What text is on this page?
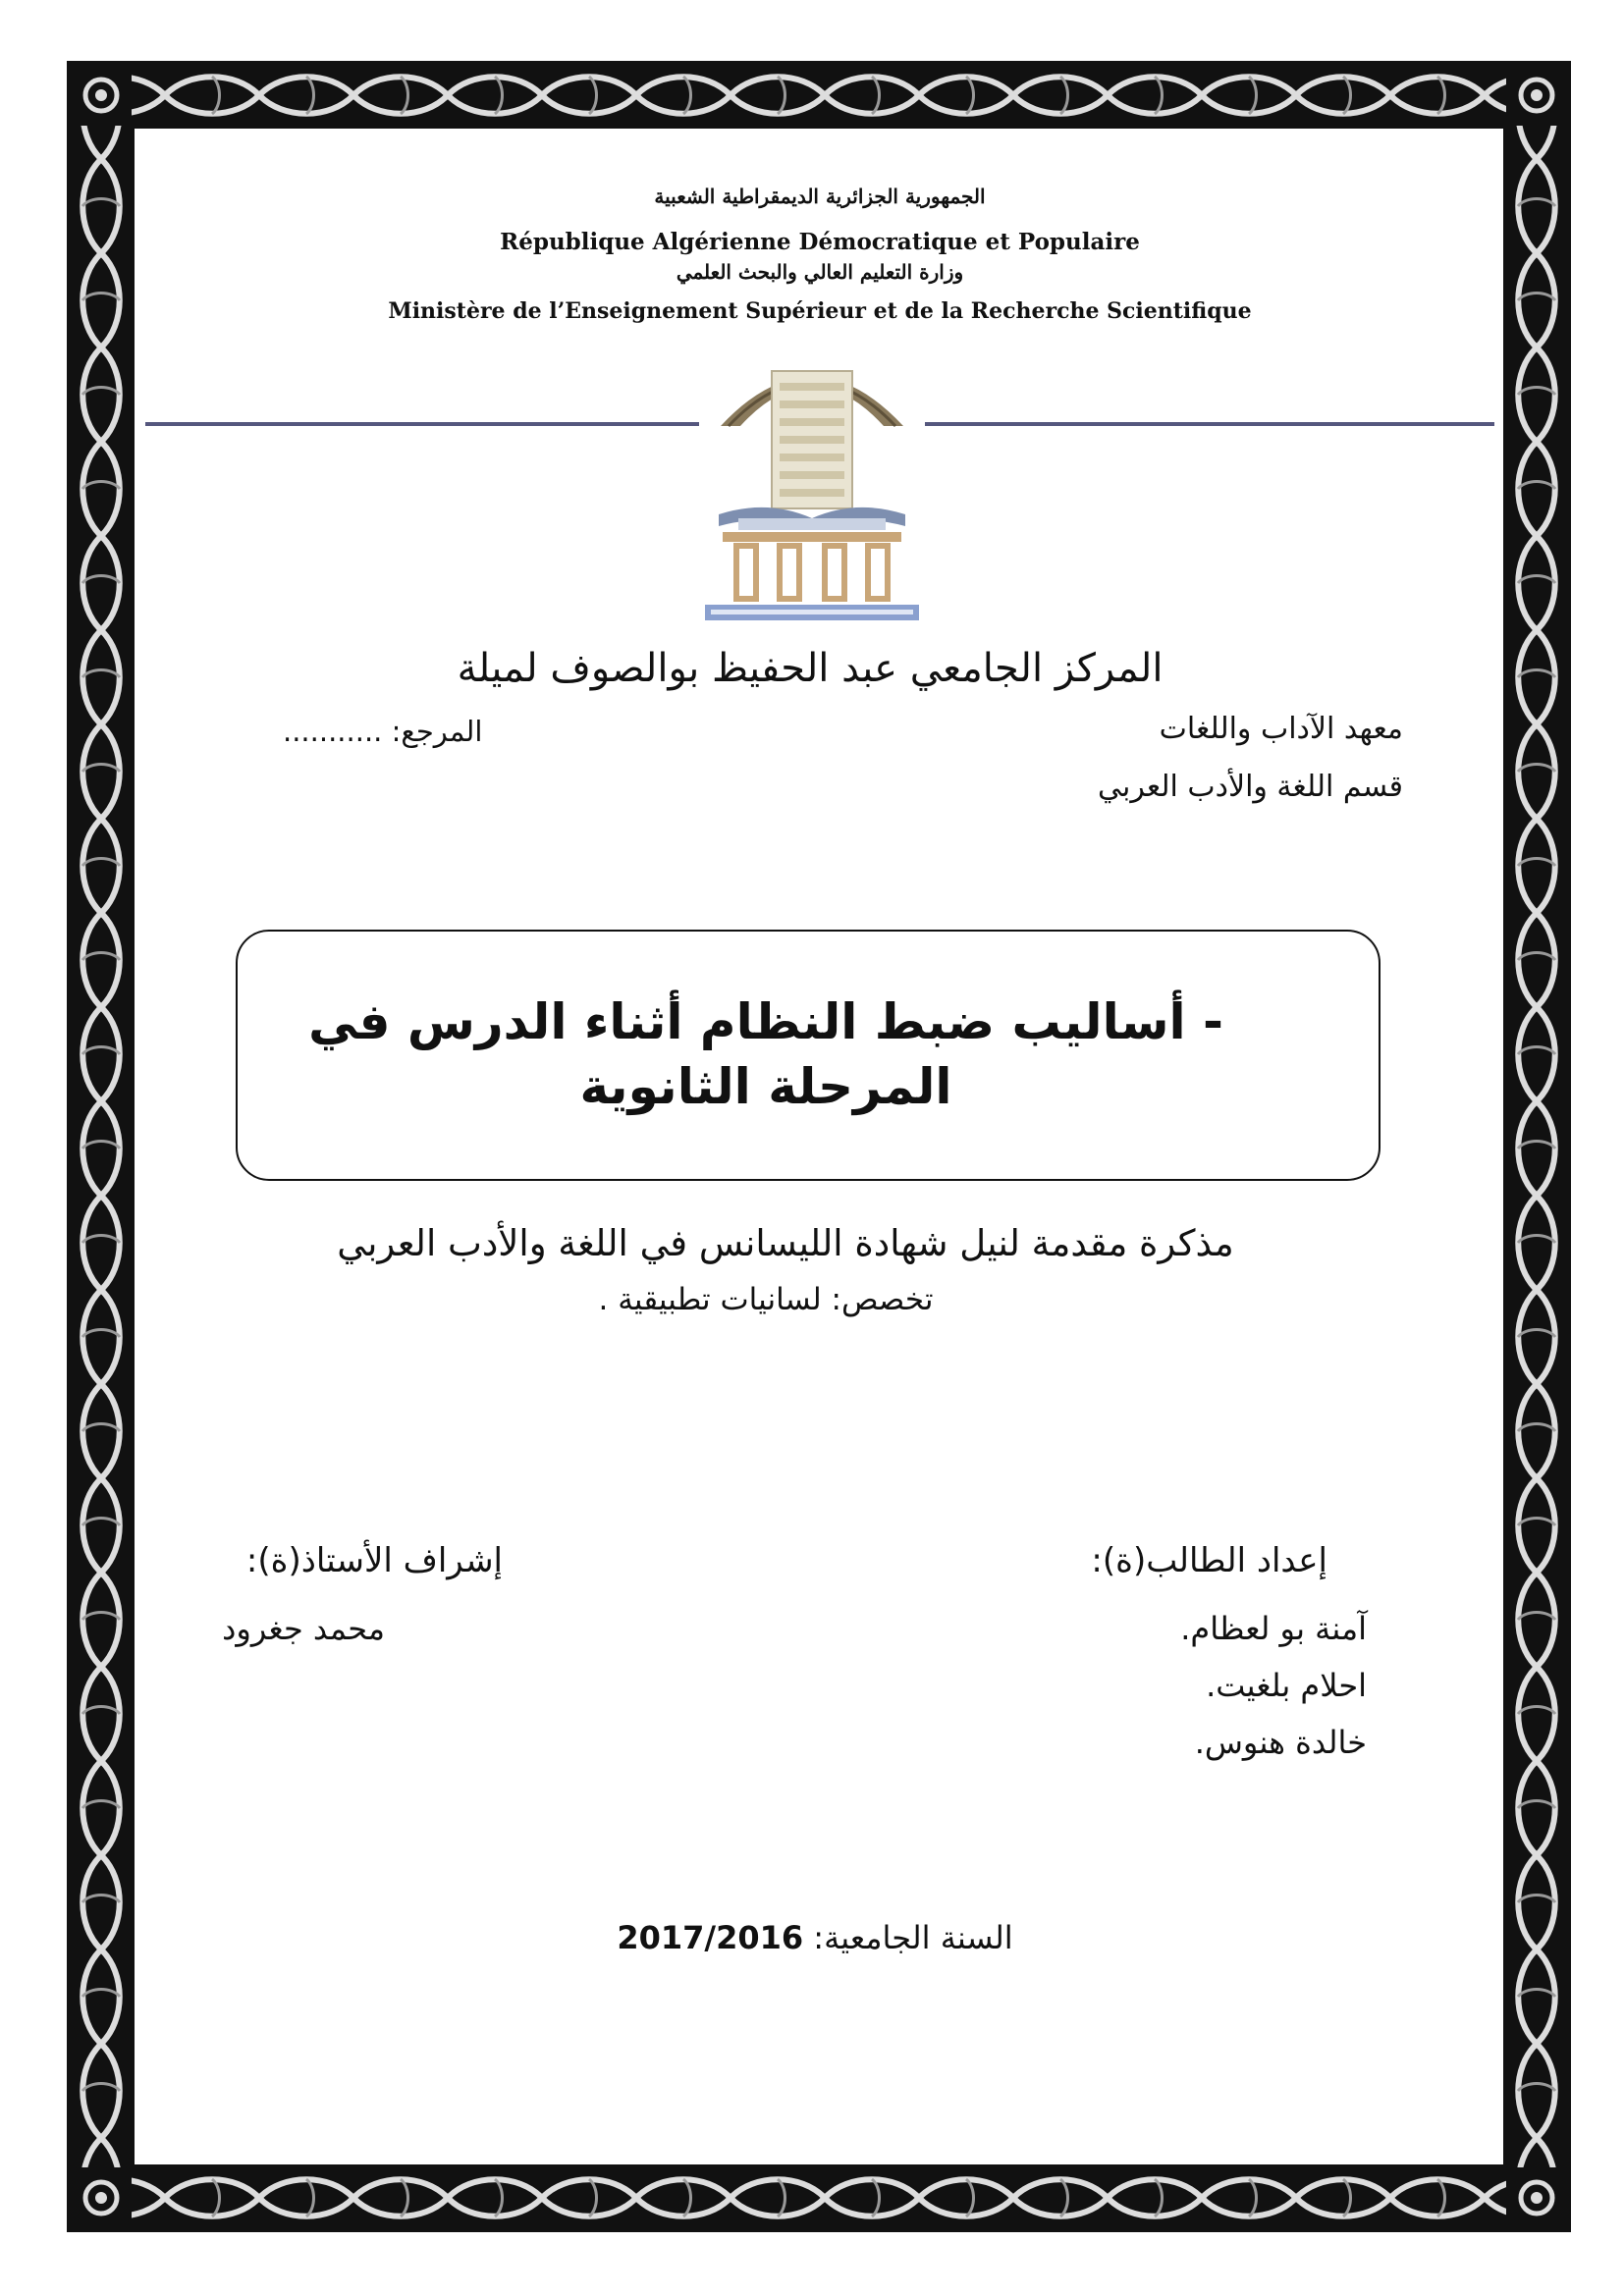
الجمهورية الجزائرية الديمقراطية الشعبية
République Algérienne Démocratique et Populaire
وزارة التعليم العالي والبحث العلمي
Ministère de l’Enseignement Supérieur et de la Recherche Scientifique
المركز الجامعي عبد الحفيظ بوالصوف لميلة
معهد الآداب واللغات
المرجع: ...........
قسم اللغة والأدب العربي
- أساليب ضبط النظام أثناء الدرس في المرحلة الثانوية
مذكرة مقدمة لنيل شهادة الليسانس في اللغة والأدب العربي
تخصص: لسانيات تطبيقية .
إعداد الطالب(ة):
إشراف الأستاذ(ة):
آمنة بو لعظام.
احلام بلغيت.
خالدة هنوس.
محمد جغرود
السنة الجامعية: 2017/2016
